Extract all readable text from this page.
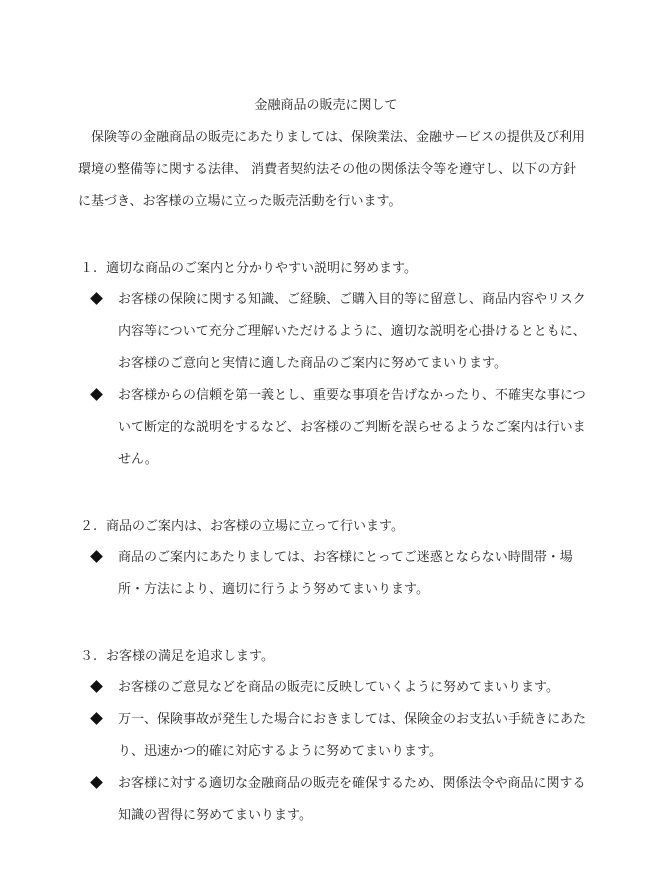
金融商品の販売に関して
保険等の金融商品の販売にあたりましては、保険業法、金融サービスの提供及び利用環境の整備等に関する法律、 消費者契約法その他の関係法令等を遵守し、以下の方針に基づき、お客様の立場に立った販売活動を行います。
１. 適切な商品のご案内と分かりやすい説明に努めます。
お客様の保険に関する知識、ご経験、ご購入目的等に留意し、商品内容やリスク内容等について充分ご理解いただけるように、適切な説明を心掛けるとともに、お客様のご意向と実情に適した商品のご案内に努めてまいります。
お客様からの信頼を第一義とし、重要な事項を告げなかったり、不確実な事について断定的な説明をするなど、お客様のご判断を誤らせるようなご案内は行いません。
２. 商品のご案内は、お客様の立場に立って行います。
商品のご案内にあたりましては、お客様にとってご迷惑とならない時間帯・場所・方法により、適切に行うよう努めてまいります。
３. お客様の満足を追求します。
お客様のご意見などを商品の販売に反映していくように努めてまいります。
万一、保険事故が発生した場合におきましては、保険金のお支払い手続きにあたり、迅速かつ的確に対応するように努めてまいります。
お客様に対する適切な金融商品の販売を確保するため、関係法令や商品に関する知識の習得に努めてまいります。
